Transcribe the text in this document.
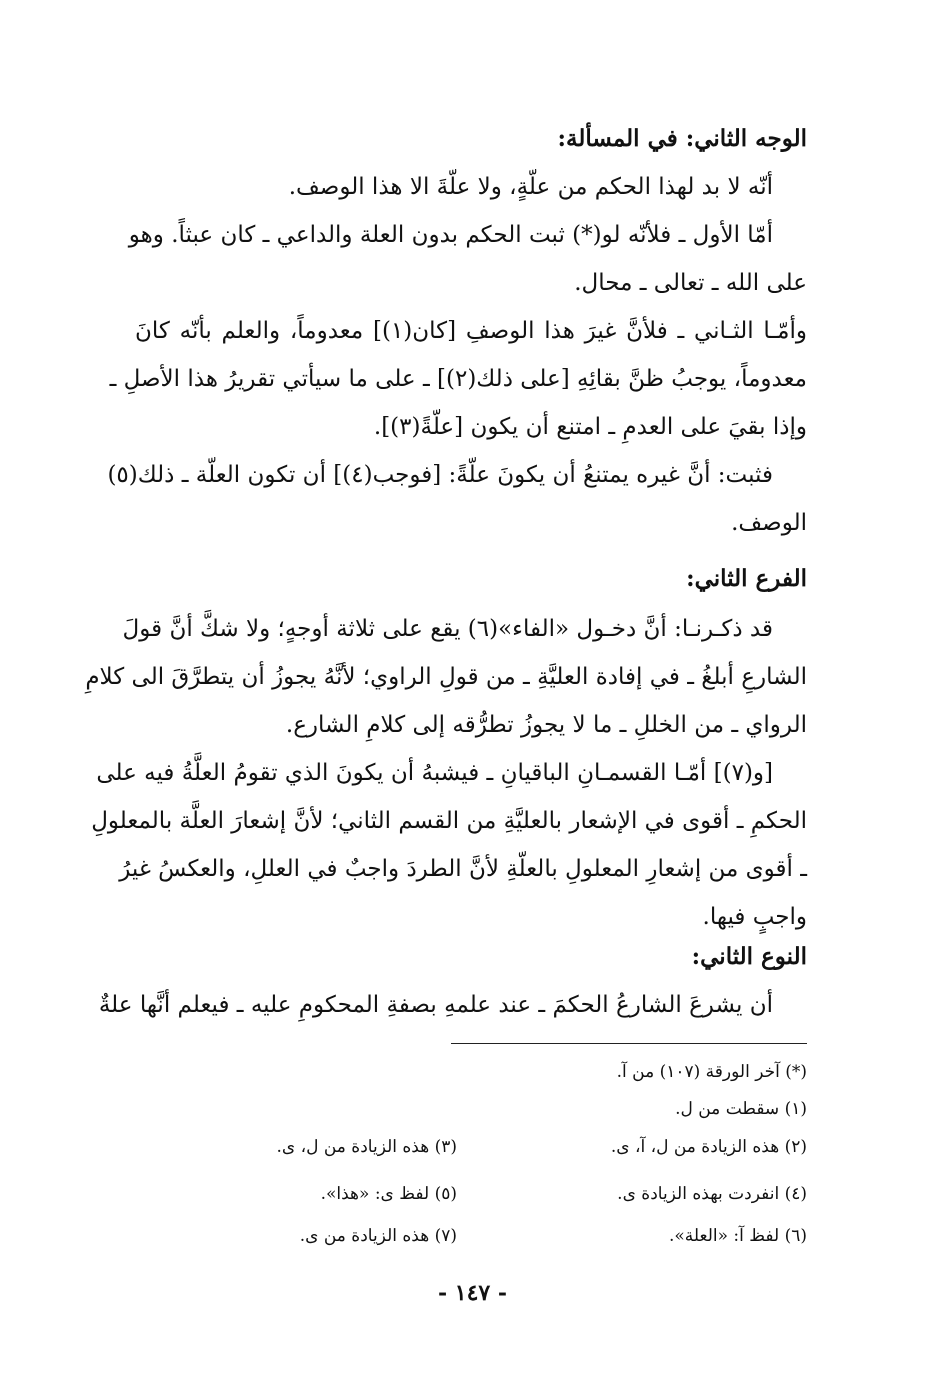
الوجه الثاني: في المسألة:
أنّه لا بد لهذا الحكم من علّةٍ، ولا علّةَ الا هذا الوصف.
أمّا الأول ـ فلأنّه لو(*) ثبت الحكم بدون العلة والداعي ـ كان عبثاً. وهو
على الله ـ تعالى ـ محال.
وأمّـا الثـاني ـ فلأنَّ غيرَ هذا الوصفِ [كان(١)] معدوماً، والعلم بأنّه كانَ
معدوماً، يوجبُ ظنَّ بقائِهِ [على ذلك(٢)] ـ على ما سيأتي تقريرُ هذا الأصلِ ـ
وإذا بقيَ على العدمِ ـ امتنع أن يكون [علّةً(٣)].
فثبت: أنَّ غيره يمتنعُ أن يكونَ علّةً: [فوجب(٤)] أن تكون العلّة ـ ذلك(٥)
الوصف.
الفرع الثاني:
قد ذكـرنـا: أنَّ دخـول «الفاء»(٦) يقع على ثلاثة أوجهٍ؛ ولا شكَّ أنَّ قولَ
الشارعِ أبلغُ ـ في إفادة العليَّةِ ـ من قولِ الراوي؛ لأنَّهُ يجوزُ أن يتطرَّقَ الى كلامِ
الرواي ـ من الخللِ ـ ما لا يجوزُ تطرُّقه إلى كلامِ الشارع.
[و(٧)] أمّـا القسمـانِ الباقيانِ ـ فيشبهُ أن يكونَ الذي تقومُ العلَّةُ فيه على
الحكمِ ـ أقوى في الإشعار بالعليَّةِ من القسم الثاني؛ لأنَّ إشعارَ العلَّة بالمعلولِ
ـ أقوى من إشعارِ المعلولِ بالعلّةِ لأنَّ الطردَ واجبٌ في العللِ، والعكسُ غيرُ
واجبٍ فيها.
النوع الثاني:
أن يشرعَ الشارعُ الحكمَ ـ عند علمهِ بصفةِ المحكومِ عليه ـ فيعلم أنَّها علةٌ
(*) آخر الورقة (١٠٧) من آ.
(١) سقطت من ل.
(٢) هذه الزيادة من ل، آ، ى.
(٣) هذه الزيادة من ل، ى.
(٤) انفردت بهذه الزيادة ى.
(٥) لفظ ى: «هذا».
(٦) لفظ آ: «العلة».
(٧) هذه الزيادة من ى.
- ١٤٧ -
